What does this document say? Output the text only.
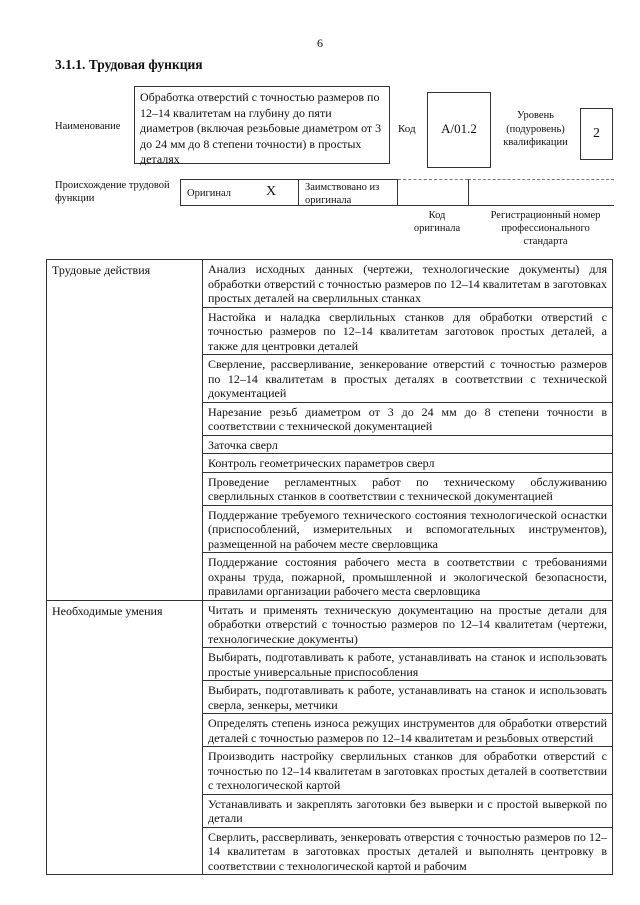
6
3.1.1. Трудовая функция
Наименование
Обработка отверстий с точностью размеров по 12–14 квалитетам на глубину до пяти диаметров (включая резьбовые диаметром от 3 до 24 мм до 8 степени точности) в простых деталях
Код	А/01.2
Уровень (подуровень) квалификации
2
Происхождение трудовой
функции	Оригинал	X	Заимствовано из
оригинала
Код
оригинала
Регистрационный номер
профессионального
стандарта
Трудовые действия	Анализ исходных данных (чертежи, технологические документы) для обработки отверстий с точностью размеров по 12–14 квалитетам в заготовках простых деталей на сверлильных станках
	Настойка и наладка сверлильных станков для обработки отверстий с точностью размеров по 12–14 квалитетам заготовок простых деталей, а также для центровки деталей
	Сверление, рассверливание, зенкерование отверстий с точностью размеров по 12–14 квалитетам в простых деталях в соответствии с технической документацией
	Нарезание резьб диаметром от 3 до 24 мм до 8 степени точности в соответствии с технической документацией
	Заточка сверл
	Контроль геометрических параметров сверл
	Проведение регламентных работ по техническому обслуживанию сверлильных станков в соответствии с технической документацией
	Поддержание требуемого технического состояния технологической оснастки (приспособлений, измерительных и вспомогательных инструментов), размещенной на рабочем месте сверловщика
	Поддержание состояния рабочего места в соответствии с требованиями охраны труда, пожарной, промышленной и экологической безопасности, правилами организации рабочего места сверловщика
Необходимые умения	Читать и применять техническую документацию на простые детали для обработки отверстий с точностью размеров по 12–14 квалитетам (чертежи, технологические документы)
	Выбирать, подготавливать к работе, устанавливать на станок и использовать простые универсальные приспособления
	Выбирать, подготавливать к работе, устанавливать на станок и использовать сверла, зенкеры, метчики
	Определять степень износа режущих инструментов для обработки отверстий деталей с точностью размеров по 12–14 квалитетам и резьбовых отверстий
	Производить настройку сверлильных станков для обработки отверстий с точностью по 12–14 квалитетам в заготовках простых деталей в соответствии с технологической картой
	Устанавливать и закреплять заготовки без выверки и с простой выверкой по детали
	Сверлить, рассверливать, зенкеровать отверстия с точностью размеров по 12–14 квалитетам в заготовках простых деталей и выполнять центровку в соответствии с технологической картой и рабочим
